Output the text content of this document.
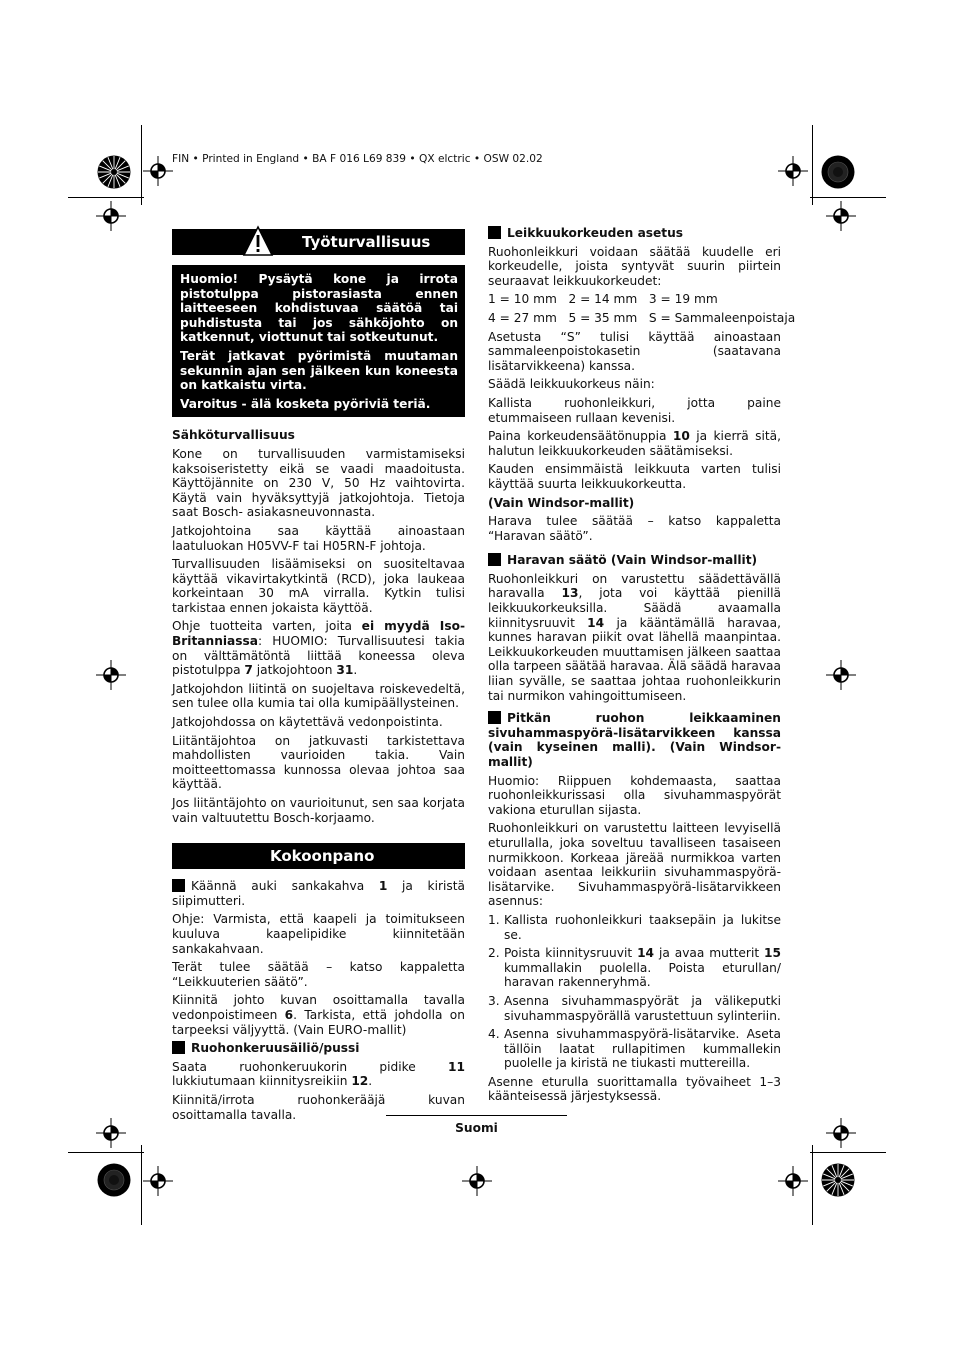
FIN • Printed in England • BA F 016 L69 839 • QX elctric • OSW 02.02
Työturvallisuus

Huomio! Pysäytä kone ja irrota pistotulppa pistorasiasta ennen laitteeseen kohdistuvaa säätöä tai puhdistusta tai jos sähköjohto on katkennut, viottunut tai sotkeutunut.

Terät jatkavat pyörimistä muutaman sekunnin ajan sen jälkeen kun koneesta on katkaistu virta.

Varoitus - älä kosketa pyöriviä teriä.

Sähköturvallisuus

Kone on turvallisuuden varmistamiseksi kaksoiseristetty eikä se vaadi maadoitusta. Käyttöjännite on 230 V, 50 Hz vaihtovirta. Käytä vain hyväksyttyjä jatkojohtoja. Tietoja saat Bosch- asiakasneuvonnasta.

Jatkojohtoina saa käyttää ainoastaan laatuluokan H05VV-F tai H05RN-F johtoja.

Turvallisuuden lisäämiseksi on suositeltavaa käyttää vikavirtakytkintä (RCD), joka laukeaa korkeintaan 30 mA virralla. Kytkin tulisi tarkistaa ennen jokaista käyttöä.

Ohje tuotteita varten, joita ei myydä Iso-Britanniassa: HUOMIO: Turvallisuutesi takia on välttämätöntä liittää koneessa oleva pistotulppa 7 jatkojohtoon 31.

Jatkojohdon liitintä on suojeltava roiskevedeltä, sen tulee olla kumia tai olla kumipäällysteinen.

Jatkojohdossa on käytettävä vedonpoistinta.

Liitäntäjohtoa on jatkuvasti tarkistettava mahdollisten vaurioiden takia. Vain moitteettomassa kunnossa olevaa johtoa saa käyttää.

Jos liitäntäjohto on vaurioitunut, sen saa korjata vain valtuutettu Bosch-korjaamo.

Kokoonpano

Käännä auki sankakahva 1 ja kiristä siipimutteri.

Ohje: Varmista, että kaapeli ja toimitukseen kuuluva kaapelipidike kiinnitetään sankakahvaan.

Terät tulee säätää – katso kappaletta “Leikkuuterien säätö”.

Kiinnitä johto kuvan osoittamalla tavalla vedonpoistimeen 6. Tarkista, että johdolla on tarpeeksi väljyyttä. (Vain EURO-mallit)

Ruohonkeruusäiliö/pussi

Saata ruohonkeruukorin pidike 11 lukkiutumaan kiinnitysreikiin 12.

Kiinnitä/irrota ruohonkerääjä kuvan osoittamalla tavalla.

Leikkuukorkeuden asetus

Ruohonleikkuri voidaan säätää kuudelle eri korkeudelle, joista syntyvät suurin piirtein seuraavat leikkuukorkeudet:

1 = 10 mm   2 = 14 mm   3 = 19 mm

4 = 27 mm   5 = 35 mm   S = Sammaleenpoistaja

Asetusta “S” tulisi käyttää ainoastaan sammaleenpoistokasetin (saatavana lisätarvikkeena) kanssa.

Säädä leikkuukorkeus näin:

Kallista ruohonleikkuri, jotta paine etummaiseen rullaan kevenisi.

Paina korkeudensäätönuppia 10 ja kierrä sitä, halutun leikkuukorkeuden säätämiseksi.

Kauden ensimmäistä leikkuuta varten tulisi käyttää suurta leikkuukorkeutta.

(Vain Windsor-mallit)

Harava tulee säätää – katso kappaletta “Haravan säätö”.

Haravan säätö (Vain Windsor-mallit)

Ruohonleikkuri on varustettu säädettävällä haravalla 13, jota voi käyttää pienillä leikkuukorkeuksilla. Säädä avaamalla kiinnitysruuvit 14 ja kääntämällä haravaa, kunnes haravan piikit ovat lähellä maanpintaa. Leikkuukorkeuden muuttamisen jälkeen saattaa olla tarpeen säätää haravaa. Älä säädä haravaa liian syvälle, se saattaa johtaa ruohonleikkurin tai nurmikon vahingoittumiseen.

Pitkän ruohon leikkaaminen sivuhammaspyörä-lisätarvikkeen kanssa (vain kyseinen malli). (Vain Windsor-mallit)

Huomio: Riippuen kohdemaasta, saattaa ruohonleikkurissasi olla sivuhammaspyörät vakiona eturullan sijasta.

Ruohonleikkuri on varustettu laitteen levyisellä eturullalla, joka soveltuu tavalliseen tasaiseen nurmikkoon. Korkeaa järeää nurmikkoa varten voidaan asentaa leikkuriin sivuhammaspyörä-lisätarvike. Sivuhammaspyörä-lisätarvikkeen asennus:

1. Kallista ruohonleikkuri taaksepäin ja lukitse se.
2. Poista kiinnitysruuvit 14 ja avaa mutterit 15 kummallakin puolella. Poista eturullan/ haravan rakenneryhmä.
3. Asenna sivuhammaspyörät ja välikeputki sivuhammaspyörällä varustettuun sylinteriin.
4. Asenna sivuhammaspyörä-lisätarvike. Aseta tällöin laatat rullapitimen kummallekin puolelle ja kiristä ne tiukasti muttereilla.

Asenne eturulla suorittamalla työvaiheet 1–3 käänteisessä järjestyksessä.

Suomi
